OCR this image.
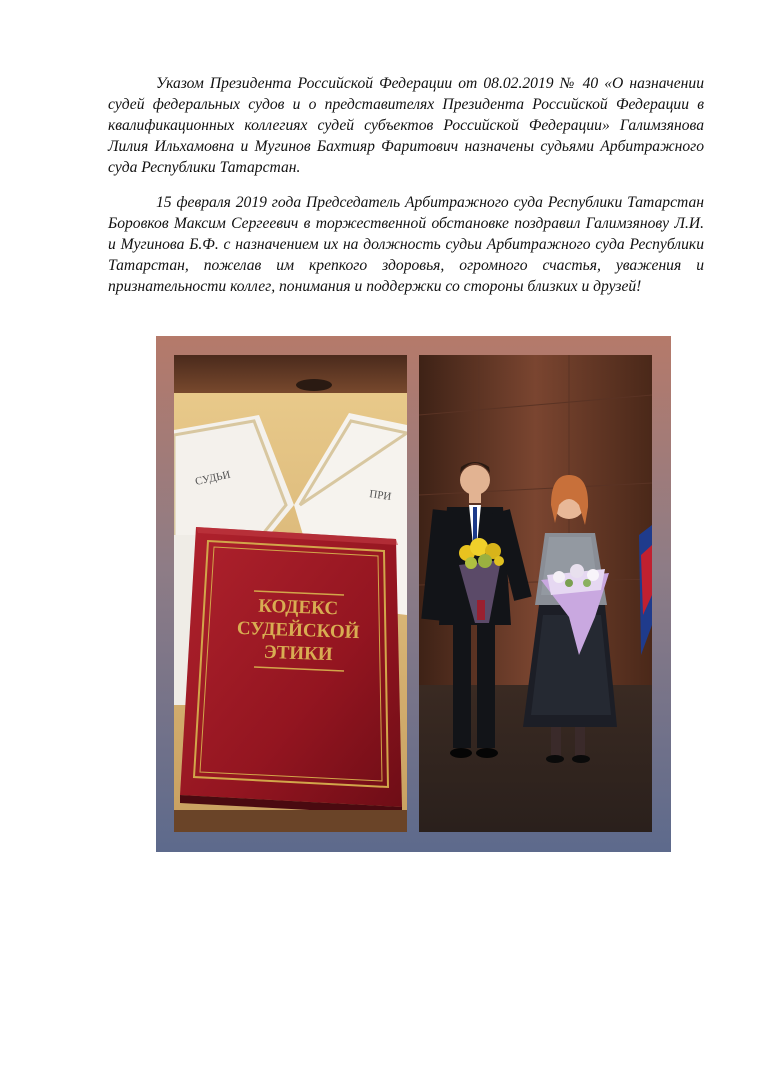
Указом Президента Российской Федерации от 08.02.2019 № 40 «О назначении судей федеральных судов и о представителях Президента Российской Федерации в квалификационных коллегиях судей субъектов Российской Федерации» Галимзянова Лилия Ильхамовна и Мугинов Бахтияр Фаритович назначены судьями Арбитражного суда Республики Татарстан.

15 февраля 2019 года Председатель Арбитражного суда Республики Татарстан Боровков Максим Сергеевич в торжественной обстановке поздравил Галимзянову Л.И. и Мугинова Б.Ф. с назначением их на должность судьи Арбитражного суда Республики Татарстан, пожелав им крепкого здоровья, огромного счастья, уважения и признательности коллег, понимания и поддержки со стороны близких и друзей!

СУДЬИ
ПРИ
КОДЕКС
СУДЕЙСКОЙ
ЭТИКИ
